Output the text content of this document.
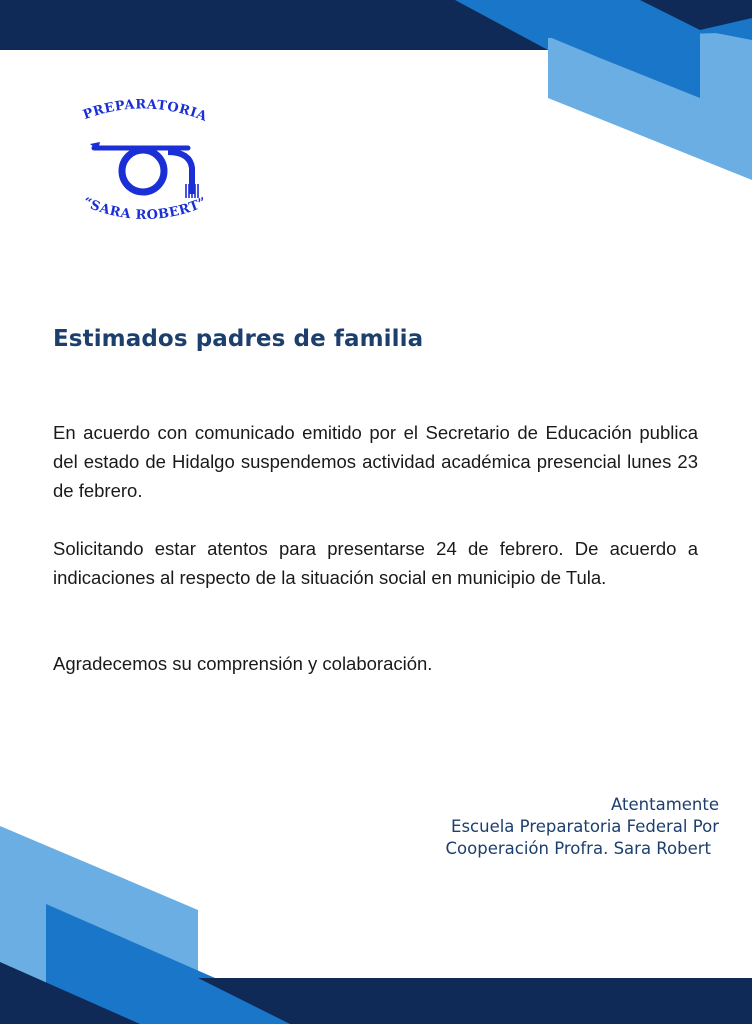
PREPARATORIA
“SARA ROBERT”
Estimados padres de familia

En acuerdo con comunicado emitido por el Secretario de Educación publica del estado de Hidalgo suspendemos actividad académica presencial lunes 23 de febrero.

Solicitando estar atentos para presentarse 24 de febrero. De acuerdo a indicaciones al respecto de la situación social en municipio de Tula.

Agradecemos su comprensión y colaboración.

Atentamente
Escuela Preparatoria Federal Por
Cooperación Profra. Sara Robert
